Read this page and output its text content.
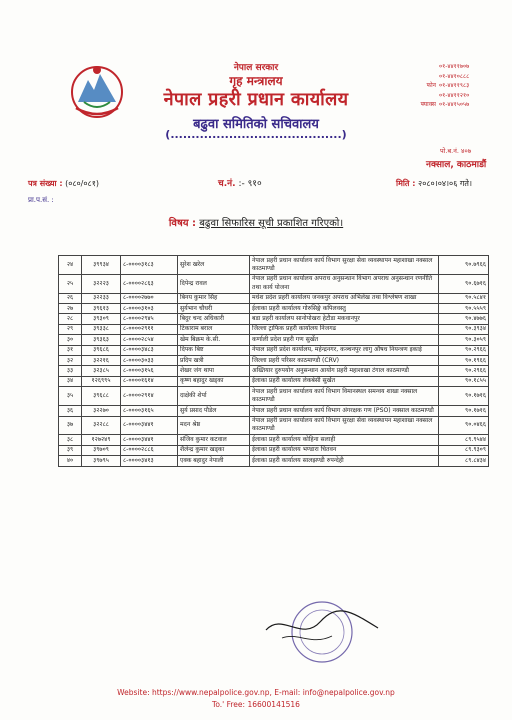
नेपाल सरकार
गृह मन्त्रालय
नेपाल प्रहरी प्रधान कार्यालय
बढुवा समितिको सचिवालय
(.........................................)
०१-४४११७०७
०१-४४१०८८८
फोन ०१-४४११९८३
०१-४४११२१०
फ्याक्स ०१-४४१५०५७
पो.ब.नं. ४०७
नक्साल, काठमाडौं
पत्र संख्या : (०८०/०८१)	च.नं. :- ९१०	मिति : २०८०।०४।०६ गते।
प्रा.प.सं. :
विषय : बढुवा सिफारिस सूची प्रकाशित गरिएको।
२४	३९९३४	८-००००३१८३	सुरेश खरेल	नेपाल प्रहरी प्रधान कार्यालय कार्य विभाग सुरक्षा सेवा व्यवस्थापन महाशाखा नक्साल काठमाण्डौ	९०.७९६६
२५	३२२२३	८-००००२८६३	दिपेन्द्र रावल	नेपाल प्रहरी प्रधान कार्यालय अपराध अनुसन्धान विभाग अपराध अनुसन्धान रणनीति तथा कार्य योजना	९०.६७१६
२६	३२२३३	८-००००२७७०	बिनय कुमार सिंह	मधेश प्रदेश प्रहरी कार्यालय जनकपुर अपराध अभिलेख तथा विश्लेषण शाखा	९०.५८४१
२७	३९६१३	८-००००३१०३	सुर्यभान चौधरी	ईलाका प्रहरी कार्यालय गोरुसिङ्गे कपिलवस्तु	९०.५५५९
२८	३९३०९	८-००००२९४५	बिदुर चन्द अधिकारी	बडा प्रहरी कार्यालय सानोपोखरा हेटौडा मकवानपुर	९०.४७७६
२९	३९३३८	८-००००२९११	टिकाराम बराल	जिल्ला ट्राफिक प्रहरी कार्यालय निजगढ	९०.३९३४
३०	३९३६३	८-००००२८५४	खेम बिक्रम के.सी.	कर्णाली प्रदेश प्रहरी गण सुर्खेत	९०.३०५९
३१	३९६८६	८-००००३४८३	दिपक बिष्ट	नेपाल प्रहरी प्रदेश कार्यालय, महेन्द्रनगर, कञ्चनपुर लागु औषध नियन्त्रण इकाई	९०.२९६६
३२	३२२१६	८-००००३०३३	प्रदिप खत्री	जिल्ला प्रहरी परिसर काठमाण्डौ (CRV)	९०.१९६६
३३	३२३८५	८-००००३१५६	शेखर जंग थापा	अख्तियार दुरुपयोग अनुसन्धान आयोग प्रहरी महाशाखा टंगाल काठमाण्डौ	९०.२९६६
३४	१२६९९५	८-००००१६१४	कृष्ण बहादुर खड्का	ईलाका प्रहरी कार्यालय लेकबेसी सुर्खेत	९०.१८५५
३५	३९६८८	८-००००२९१४	दाक्षेकी शेर्पा	नेपाल प्रहरी प्रधान कार्यालय कार्य विभाग विमानस्थल समन्वय शाखा नक्साल काठमाण्डौ	९०.१७१६
३६	३२२७०	८-००००३१६५	सुर्य प्रसाद पौडेल	नेपाल प्रहरी प्रधान कार्यालय कार्य विभाग अंगरक्षक गण (PSO) नक्साल काठमाण्डौ	९०.१७१६
३७	३२२८८	८-००००३४४१	मदन श्रेष्ठ	नेपाल प्रहरी प्रधान कार्यालय कार्य विभाग सुरक्षा सेवा व्यवस्थापन महाशाखा नक्साल काठमाण्डौ	९०.०४६६
३८	१२७२४९	८-००००३४४१	संजिव कुमार कटवाल	ईलाका प्रहरी कार्यालय कोहिना सलाही	८९.९५४४
३९	३९७०९	८-००००२८८६	शैलेन्द्र कुमार खड्का	ईलाका प्रहरी कार्यालय भण्डारा चितवन	८९.९३०९
४०	३९७९५	८-००००३४१३	एक्क बहादुर नेपाली	ईलाका प्रहरी कार्यालय सालझण्डी रुपन्देही	८९.८४३४
Website: https://www.nepalpolice.gov.np, E-mail: info@nepalpolice.gov.np
To.' Free: 16600141516
